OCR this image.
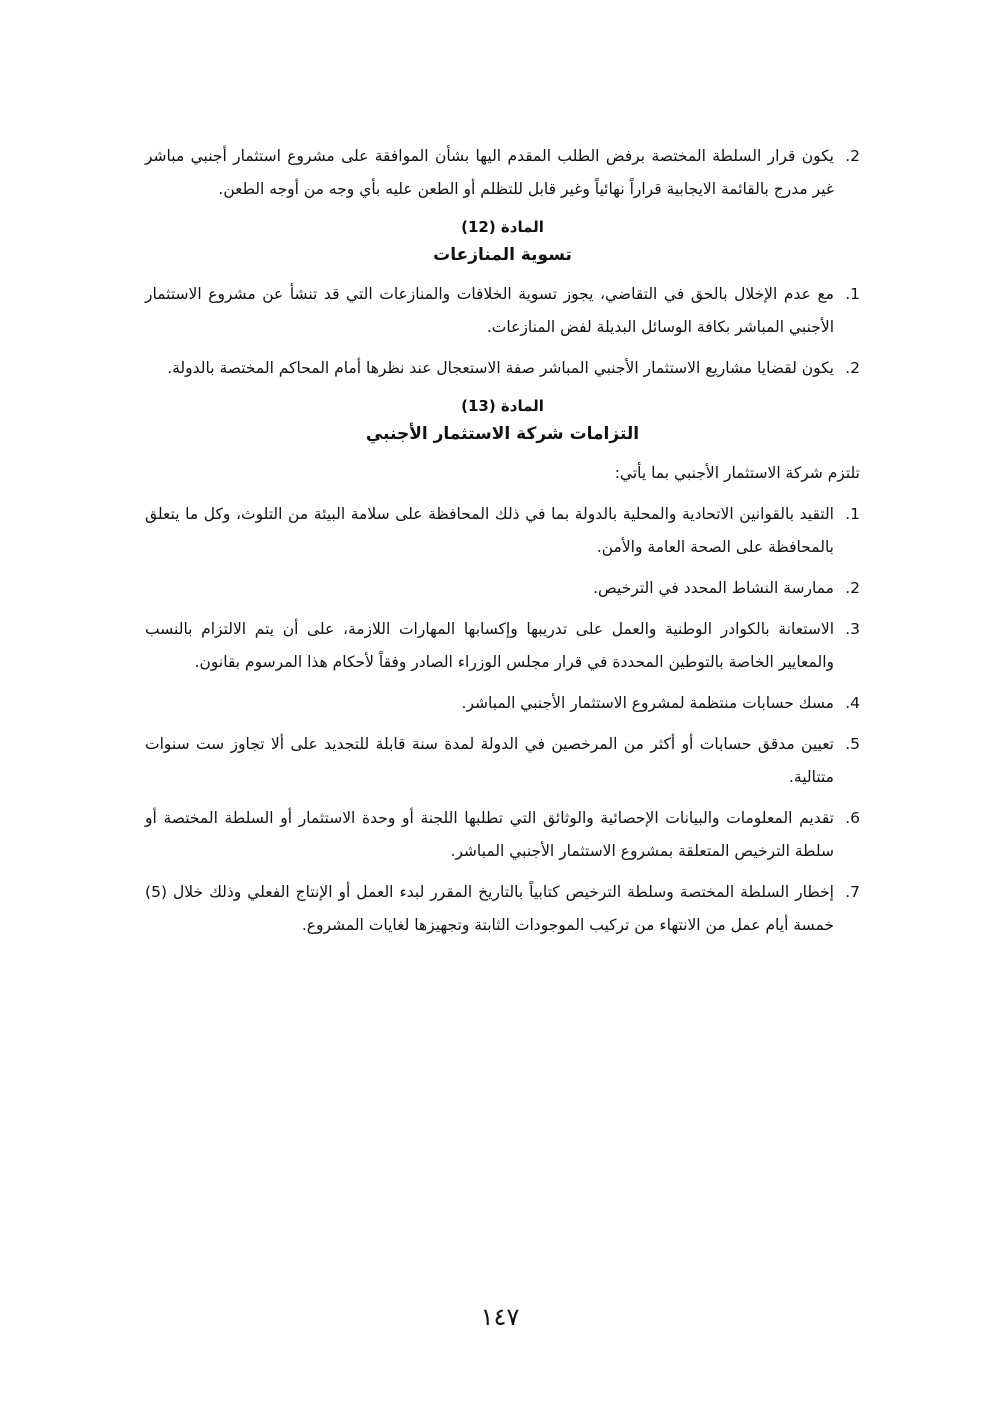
2.
يكون قرار السلطة المختصة برفض الطلب المقدم اليها بشأن الموافقة على مشروع استثمار أجنبي مباشر غير مدرج بالقائمة الايجابية قراراً نهائياً وغير قابل للتظلم أو الطعن عليه بأي وجه من أوجه الطعن.
المادة (12)
تسوية المنازعات
1.
مع عدم الإخلال بالحق في التقاضي، يجوز تسوية الخلافات والمنازعات التي قد تنشأ عن مشروع الاستثمار الأجنبي المباشر بكافة الوسائل البديلة لفض المنازعات.
2.
يكون لقضايا مشاريع الاستثمار الأجنبي المباشر صفة الاستعجال عند نظرها أمام المحاكم المختصة بالدولة.
المادة (13)
التزامات شركة الاستثمار الأجنبي
تلتزم شركة الاستثمار الأجنبي بما يأتي:
1.
التقيد بالقوانين الاتحادية والمحلية بالدولة بما في ذلك المحافظة على سلامة البيئة من التلوث، وكل ما يتعلق بالمحافظة على الصحة العامة والأمن.
2.
ممارسة النشاط المحدد في الترخيص.
3.
الاستعانة بالكوادر الوطنية والعمل على تدريبها وإكسابها المهارات اللازمة، على أن يتم الالتزام بالنسب والمعايير الخاصة بالتوطين المحددة في قرار مجلس الوزراء الصادر وفقاً لأحكام هذا المرسوم بقانون.
4.
مسك حسابات منتظمة لمشروع الاستثمار الأجنبي المباشر.
5.
تعيين مدقق حسابات أو أكثر من المرخصين في الدولة لمدة سنة قابلة للتجديد على ألا تجاوز ست سنوات متتالية.
6.
تقديم المعلومات والبيانات الإحصائية والوثائق التي تطلبها اللجنة أو وحدة الاستثمار أو السلطة المختصة أو سلطة الترخيص المتعلقة بمشروع الاستثمار الأجنبي المباشر.
7.
إخطار السلطة المختصة وسلطة الترخيص كتابياً بالتاريخ المقرر لبدء العمل أو الإنتاج الفعلي وذلك خلال (5) خمسة أيام عمل من الانتهاء من تركيب الموجودات الثابتة وتجهيزها لغايات المشروع.
١٤٧
